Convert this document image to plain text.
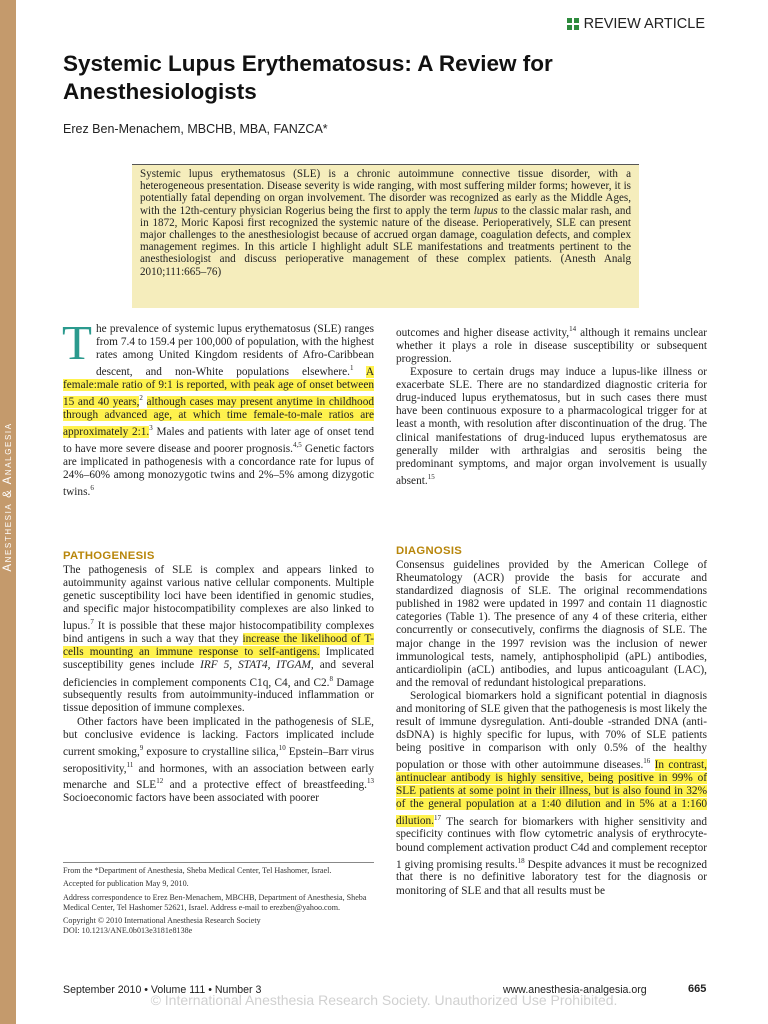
Anesthesia & Analgesia
REVIEW ARTICLE
Systemic Lupus Erythematosus: A Review for Anesthesiologists
Erez Ben-Menachem, MBCHB, MBA, FANZCA*
Systemic lupus erythematosus (SLE) is a chronic autoimmune connective tissue disorder, with a heterogeneous presentation. Disease severity is wide ranging, with most suffering milder forms; however, it is potentially fatal depending on organ involvement. The disorder was recognized as early as the Middle Ages, with the 12th-century physician Rogerius being the first to apply the term lupus to the classic malar rash, and in 1872, Moric Kaposi first recognized the systemic nature of the disease. Perioperatively, SLE can present major challenges to the anesthesiologist because of accrued organ damage, coagulation defects, and complex management regimes. In this article I highlight adult SLE manifestations and treatments pertinent to the anesthesiologist and discuss perioperative management of these complex patients. (Anesth Analg 2010;111:665–76)

The prevalence of systemic lupus erythematosus (SLE) ranges from 7.4 to 159.4 per 100,000 of population, with the highest rates among United Kingdom residents of Afro-Caribbean descent, and non-White populations elsewhere.$^1$ A female:male ratio of 9:1 is reported, with peak age of onset between 15 and 40 years,$^2$ although cases may present anytime in childhood through advanced age, at which time female-to-male ratios are approximately 2:1.$^3$ Males and patients with later age of onset tend to have more severe disease and poorer prognosis.$^{4,5}$ Genetic factors are implicated in pathogenesis with a concordance rate for lupus of 24%–60% among monozygotic twins and 2%–5% among dizygotic twins.$^6$

PATHOGENESIS

The pathogenesis of SLE is complex and appears linked to autoimmunity against various native cellular components. Multiple genetic susceptibility loci have been identified in genomic studies, and specific major histocompatibility complexes are also linked to lupus.$^7$ It is possible that these major histocompatibility complexes bind antigens in such a way that they increase the likelihood of T-cells mounting an immune response to self-antigens. Implicated susceptibility genes include IRF 5, STAT4, ITGAM, and several deficiencies in complement components C1q, C4, and C2.$^8$ Damage subsequently results from autoimmunity-induced inflammation or tissue deposition of immune complexes.

Other factors have been implicated in the pathogenesis of SLE, but conclusive evidence is lacking. Factors implicated include current smoking,$^9$ exposure to crystalline silica,$^{10}$ Epstein–Barr virus seropositivity,$^{11}$ and hormones, with an association between early menarche and SLE$^{12}$ and a protective effect of breastfeeding.$^{13}$ Socioeconomic factors have been associated with poorer

From the *Department of Anesthesia, Sheba Medical Center, Tel Hashomer, Israel.
Accepted for publication May 9, 2010.
Address correspondence to Erez Ben-Menachem, MBCHB, Department of Anesthesia, Sheba Medical Center, Tel Hashomer 52621, Israel. Address e-mail to erezben@yahoo.com.
Copyright © 2010 International Anesthesia Research Society
DOI: 10.1213/ANE.0b013e3181e8138e

outcomes and higher disease activity,$^{14}$ although it remains unclear whether it plays a role in disease susceptibility or subsequent progression.

Exposure to certain drugs may induce a lupus-like illness or exacerbate SLE. There are no standardized diagnostic criteria for drug-induced lupus erythematosus, but in such cases there must have been continuous exposure to a pharmacological trigger for at least a month, with resolution after discontinuation of the drug. The clinical manifestations of drug-induced lupus erythematosus are generally milder with arthralgias and serositis being the predominant symptoms, and major organ involvement is usually absent.$^{15}$

DIAGNOSIS

Consensus guidelines provided by the American College of Rheumatology (ACR) provide the basis for accurate and standardized diagnosis of SLE. The original recommendations published in 1982 were updated in 1997 and contain 11 diagnostic categories (Table 1). The presence of any 4 of these criteria, either concurrently or consecutively, confirms the diagnosis of SLE. The major change in the 1997 revision was the inclusion of newer immunological tests, namely, antiphospholipid (aPL) antibodies, anticardiolipin (aCL) antibodies, and lupus anticoagulant (LAC), and the removal of redundant histological preparations.

Serological biomarkers hold a significant potential in diagnosis and monitoring of SLE given that the pathogenesis is most likely the result of immune dysregulation. Anti-double -stranded DNA (anti-dsDNA) is highly specific for lupus, with 70% of SLE patients being positive in comparison with only 0.5% of the healthy population or those with other autoimmune diseases.$^{16}$ In contrast, antinuclear antibody is highly sensitive, being positive in 99% of SLE patients at some point in their illness, but is also found in 32% of the general population at a 1:40 dilution and in 5% at a 1:160 dilution.$^{17}$ The search for biomarkers with higher sensitivity and specificity continues with flow cytometric analysis of erythrocyte-bound complement activation product C4d and complement receptor 1 giving promising results.$^{18}$ Despite advances it must be recognized that there is no definitive laboratory test for the diagnosis or monitoring of SLE and that all results must be

September 2010 • Volume 111 • Number 3	www.anesthesia-analgesia.org	665
© International Anesthesia Research Society. Unauthorized Use Prohibited.
